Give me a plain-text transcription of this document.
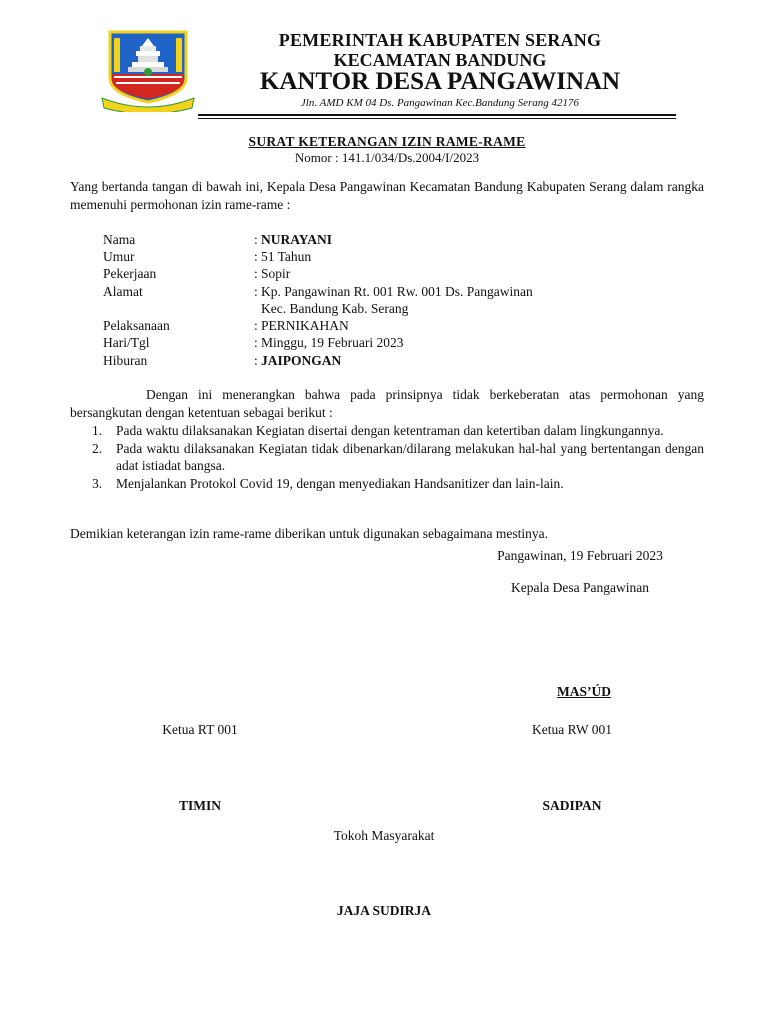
PEMERINTAH KABUPATEN SERANG
KECAMATAN BANDUNG
KANTOR DESA PANGAWINAN
Jln. AMD KM 04 Ds. Pangawinan Kec.Bandung Serang 42176
SURAT KETERANGAN IZIN RAME-RAME
Nomor : 141.1/034/Ds.2004/I/2023
Yang bertanda tangan di bawah ini, Kepala Desa Pangawinan Kecamatan Bandung Kabupaten Serang dalam rangka memenuhi permohonan izin rame-rame :
Nama	: NURAYANI
Umur	: 51 Tahun
Pekerjaan	: Sopir
Alamat	: Kp. Pangawinan Rt. 001 Rw. 001 Ds. Pangawinan
Kec. Bandung Kab. Serang
Pelaksanaan	: PERNIKAHAN
Hari/Tgl	: Minggu, 19 Februari 2023
Hiburan	: JAIPONGAN
Dengan ini menerangkan bahwa pada prinsipnya tidak berkeberatan atas permohonan yang bersangkutan dengan ketentuan sebagai berikut :

1. Pada waktu dilaksanakan Kegiatan disertai dengan ketentraman dan ketertiban dalam lingkungannya.

2. Pada waktu dilaksanakan Kegiatan tidak dibenarkan/dilarang melakukan hal-hal yang bertentangan dengan adat istiadat bangsa.

3. Menjalankan Protokol Covid 19, dengan menyediakan Handsanitizer dan lain-lain.

Demikian keterangan izin rame-rame diberikan untuk digunakan sebagaimana mestinya.
Pangawinan, 19 Februari 2023
Kepala Desa Pangawinan
MAS’ÚD
Ketua RT 001	Ketua RW 001
TIMIN	SADIPAN
Tokoh Masyarakat
JAJA SUDIRJA
